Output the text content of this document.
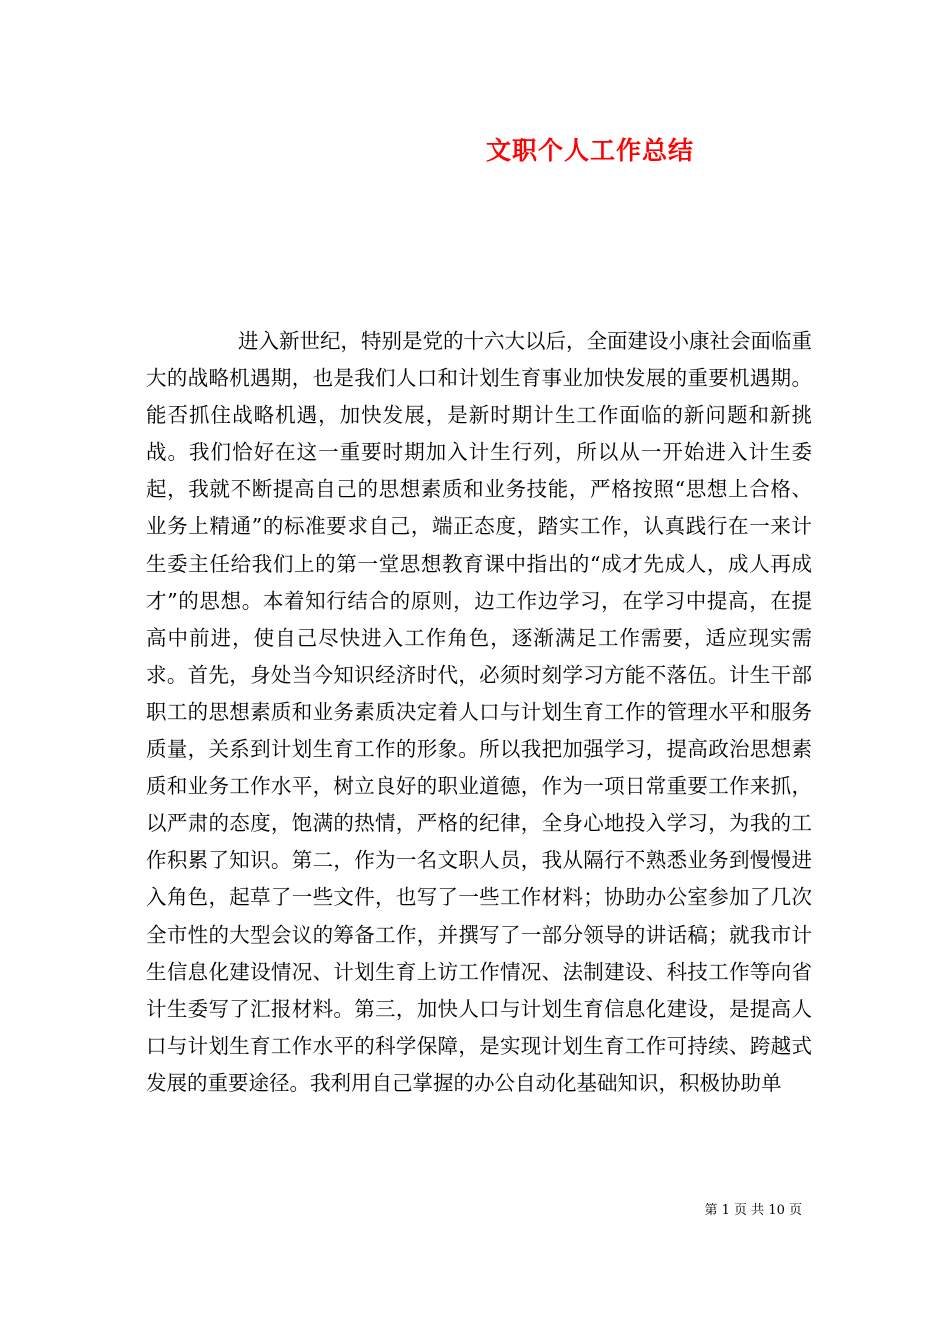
文职个人工作总结

进入新世纪，特别是党的十六大以后，全面建设小康社会面临重大的战略机遇期，也是我们人口和计划生育事业加快发展的重要机遇期。能否抓住战略机遇，加快发展，是新时期计生工作面临的新问题和新挑战。我们恰好在这一重要时期加入计生行列，所以从一开始进入计生委起，我就不断提高自己的思想素质和业务技能，严格按照“思想上合格、业务上精通”的标准要求自己，端正态度，踏实工作，认真践行在一来计生委主任给我们上的第一堂思想教育课中指出的“成才先成人，成人再成才”的思想。本着知行结合的原则，边工作边学习，在学习中提高，在提高中前进，使自己尽快进入工作角色，逐渐满足工作需要，适应现实需求。首先，身处当今知识经济时代，必须时刻学习方能不落伍。计生干部职工的思想素质和业务素质决定着人口与计划生育工作的管理水平和服务质量，关系到计划生育工作的形象。所以我把加强学习，提高政治思想素质和业务工作水平，树立良好的职业道德，作为一项日常重要工作来抓，以严肃的态度，饱满的热情，严格的纪律，全身心地投入学习，为我的工作积累了知识。第二，作为一名文职人员，我从隔行不熟悉业务到慢慢进入角色，起草了一些文件，也写了一些工作材料；协助办公室参加了几次全市性的大型会议的筹备工作，并撰写了一部分领导的讲话稿；就我市计生信息化建设情况、计划生育上访工作情况、法制建设、科技工作等向省计生委写了汇报材料。第三，加快人口与计划生育信息化建设，是提高人口与计划生育工作水平的科学保障，是实现计划生育工作可持续、跨越式发展的重要途径。我利用自己掌握的办公自动化基础知识，积极协助单

第 1 页 共 10 页
